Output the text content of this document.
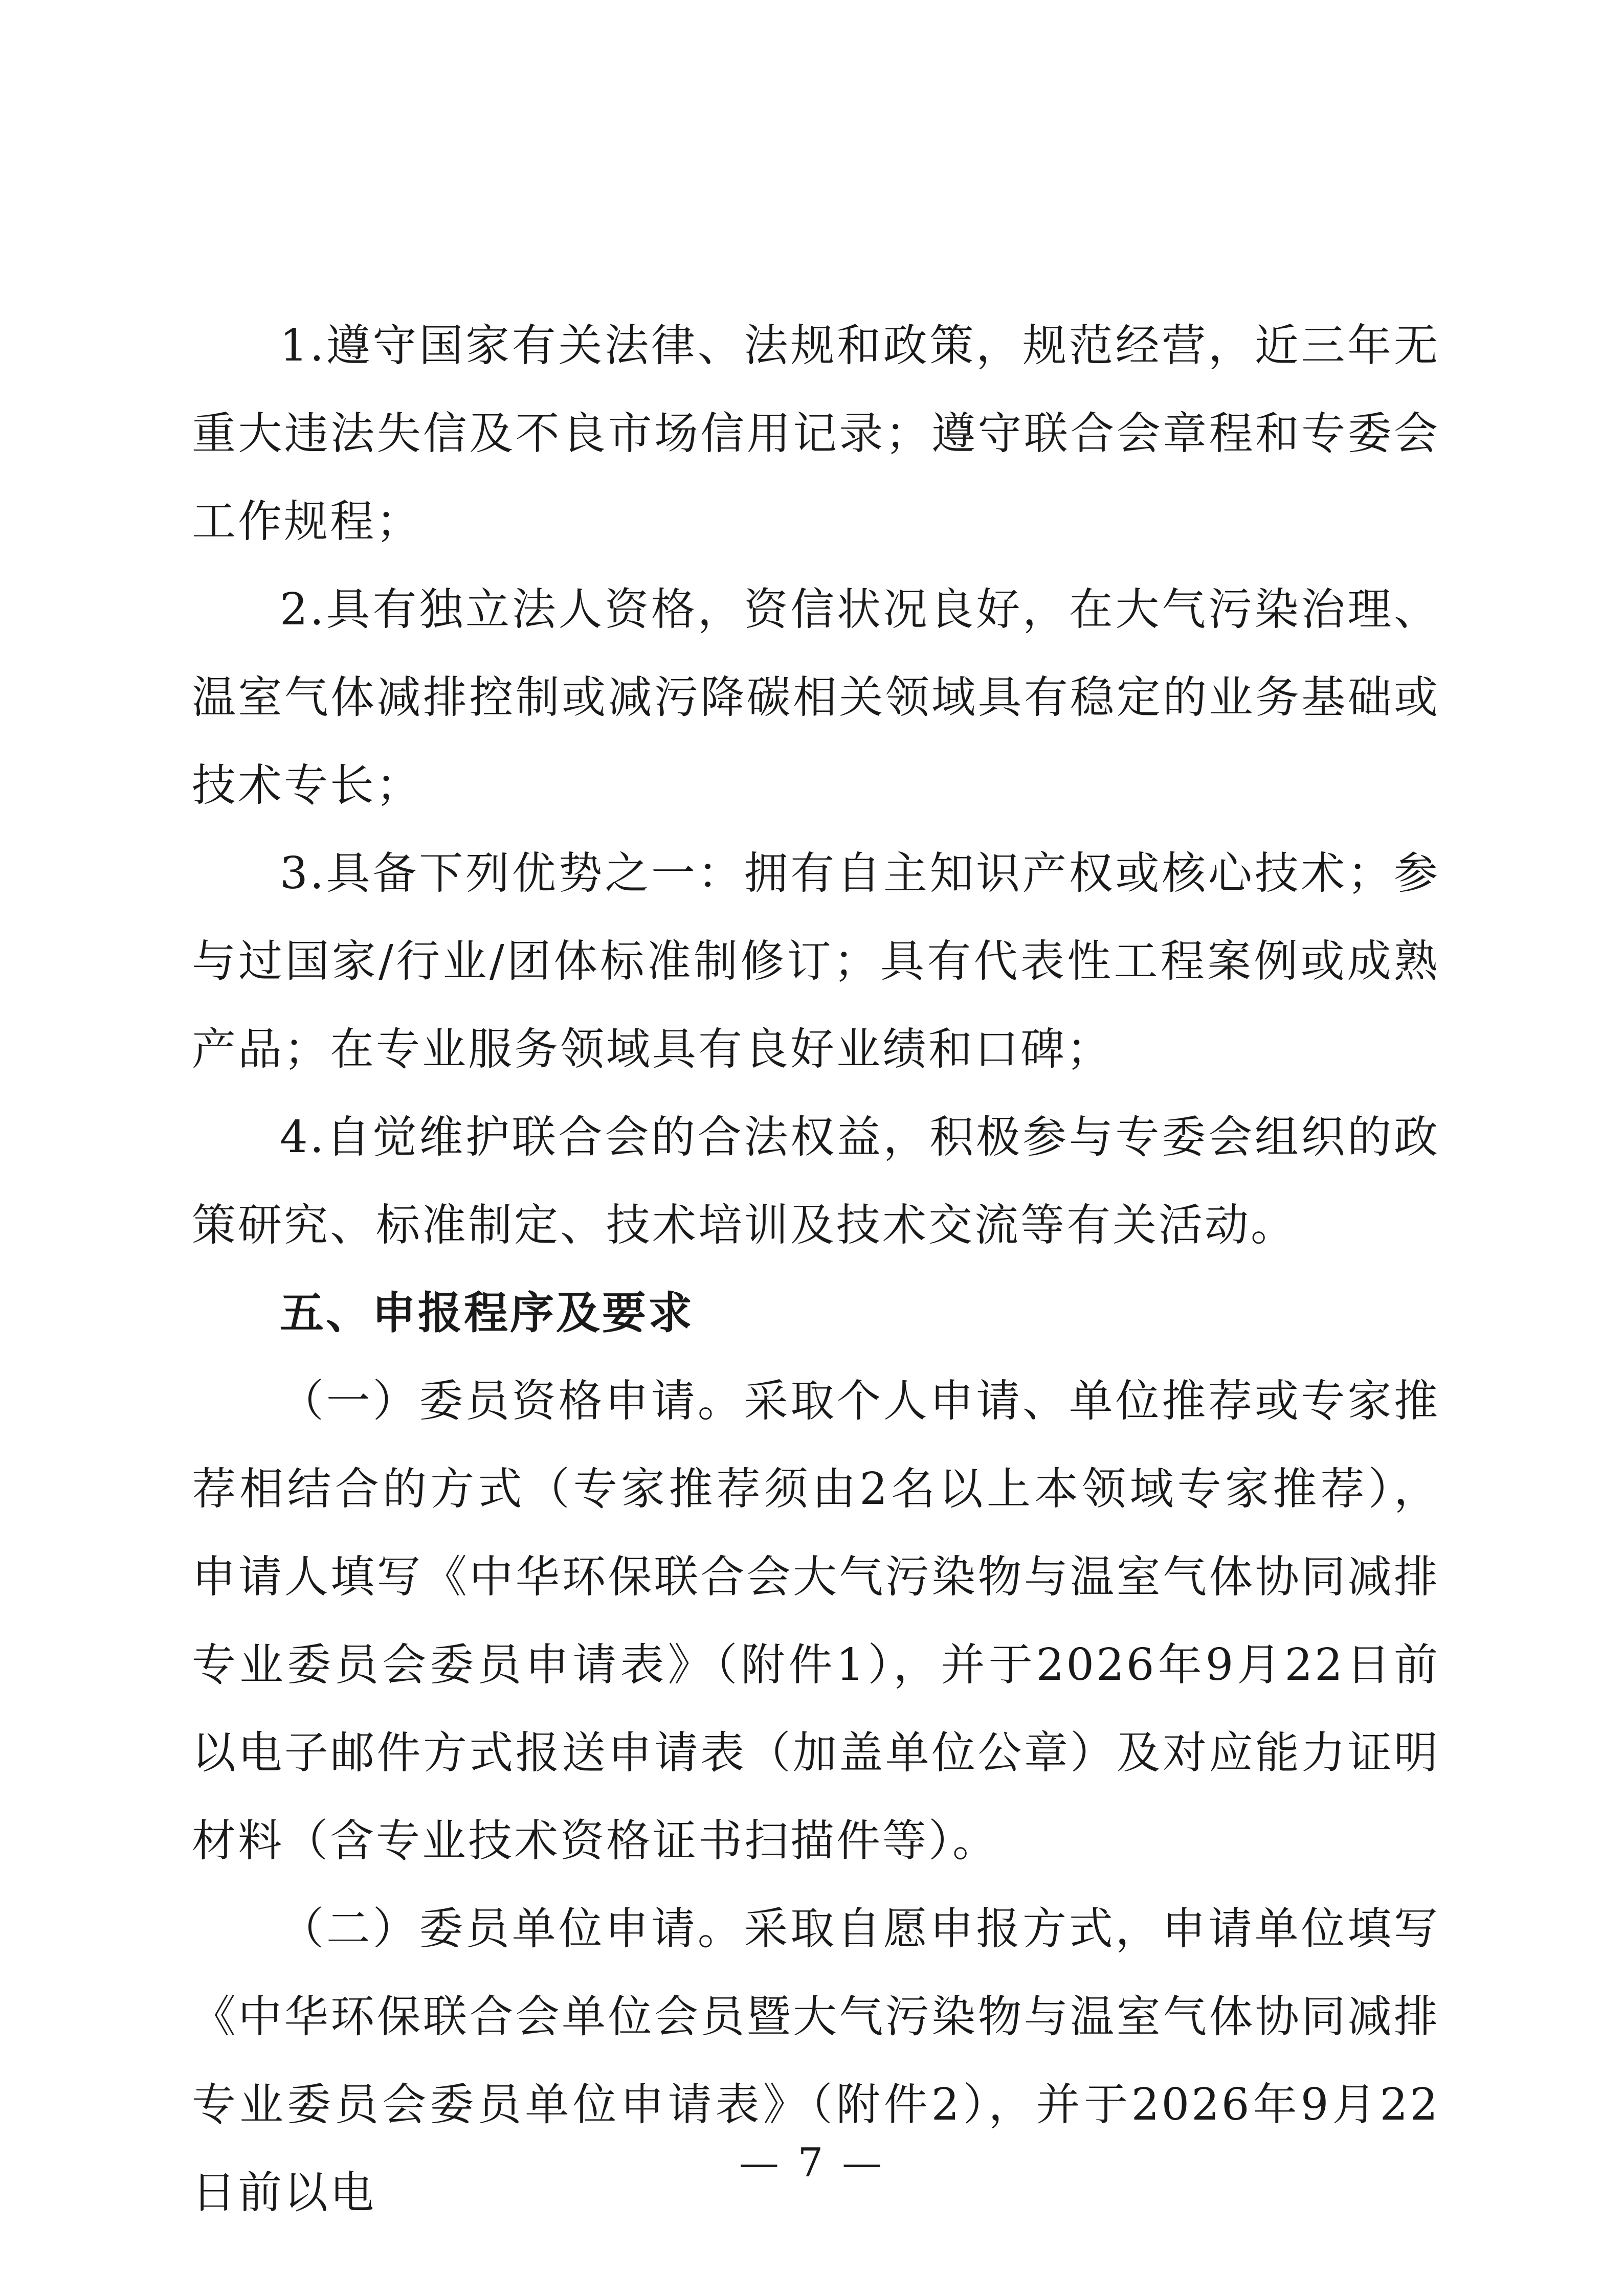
1.遵守国家有关法律、法规和政策，规范经营，近三年无重大违法失信及不良市场信用记录；遵守联合会章程和专委会工作规程；

2.具有独立法人资格，资信状况良好，在大气污染治理、温室气体减排控制或减污降碳相关领域具有稳定的业务基础或技术专长；

3.具备下列优势之一：拥有自主知识产权或核心技术；参与过国家/行业/团体标准制修订；具有代表性工程案例或成熟产品；在专业服务领域具有良好业绩和口碑；

4.自觉维护联合会的合法权益，积极参与专委会组织的政策研究、标准制定、技术培训及技术交流等有关活动。

五、申报程序及要求

（一）委员资格申请。采取个人申请、单位推荐或专家推荐相结合的方式（专家推荐须由2名以上本领域专家推荐），申请人填写《中华环保联合会大气污染物与温室气体协同减排专业委员会委员申请表》（附件1），并于2026年9月22日前以电子邮件方式报送申请表（加盖单位公章）及对应能力证明材料（含专业技术资格证书扫描件等）。

（二）委员单位申请。采取自愿申报方式，申请单位填写《中华环保联合会单位会员暨大气污染物与温室气体协同减排专业委员会委员单位申请表》（附件2），并于2026年9月22日前以电

— 7 —
